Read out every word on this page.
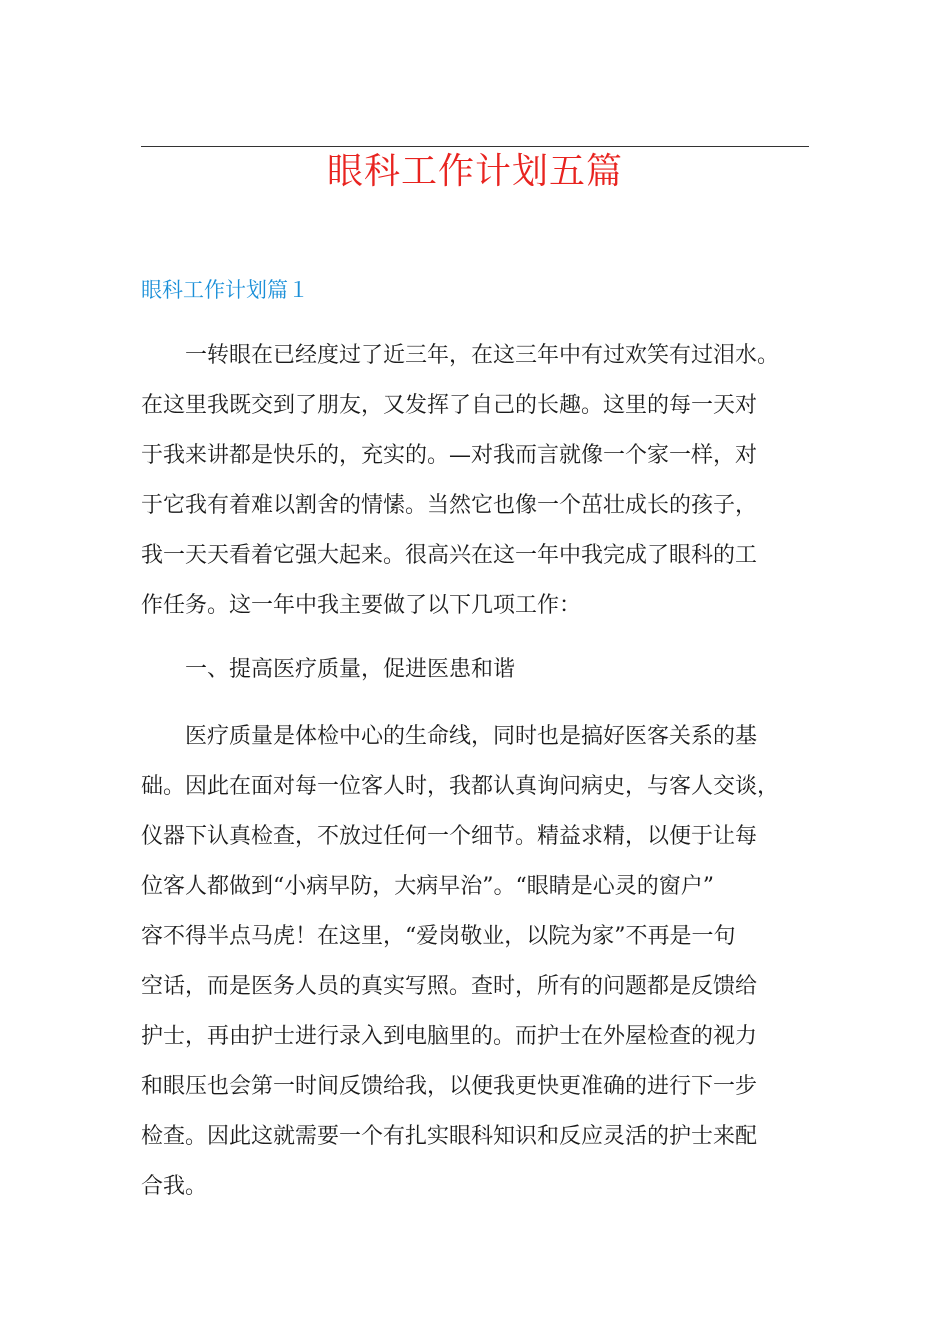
眼科工作计划五篇
眼科工作计划篇１
一转眼在已经度过了近三年，在这三年中有过欢笑有过泪水。
在这里我既交到了朋友，又发挥了自己的长趣。这里的每一天对
于我来讲都是快乐的，充实的。—对我而言就像一个家一样，对
于它我有着难以割舍的情愫。当然它也像一个茁壮成长的孩子，
我一天天看着它强大起来。很高兴在这一年中我完成了眼科的工
作任务。这一年中我主要做了以下几项工作：
一、提高医疗质量，促进医患和谐
医疗质量是体检中心的生命线，同时也是搞好医客关系的基
础。因此在面对每一位客人时，我都认真询问病史，与客人交谈，
仪器下认真检查，不放过任何一个细节。精益求精，以便于让每
位客人都做到“小病早防，大病早治”。“眼睛是心灵的窗户”
容不得半点马虎！在这里，“爱岗敬业，以院为家”不再是一句
空话，而是医务人员的真实写照。查时，所有的问题都是反馈给
护士，再由护士进行录入到电脑里的。而护士在外屋检查的视力
和眼压也会第一时间反馈给我，以便我更快更准确的进行下一步
检查。因此这就需要一个有扎实眼科知识和反应灵活的护士来配
合我。
